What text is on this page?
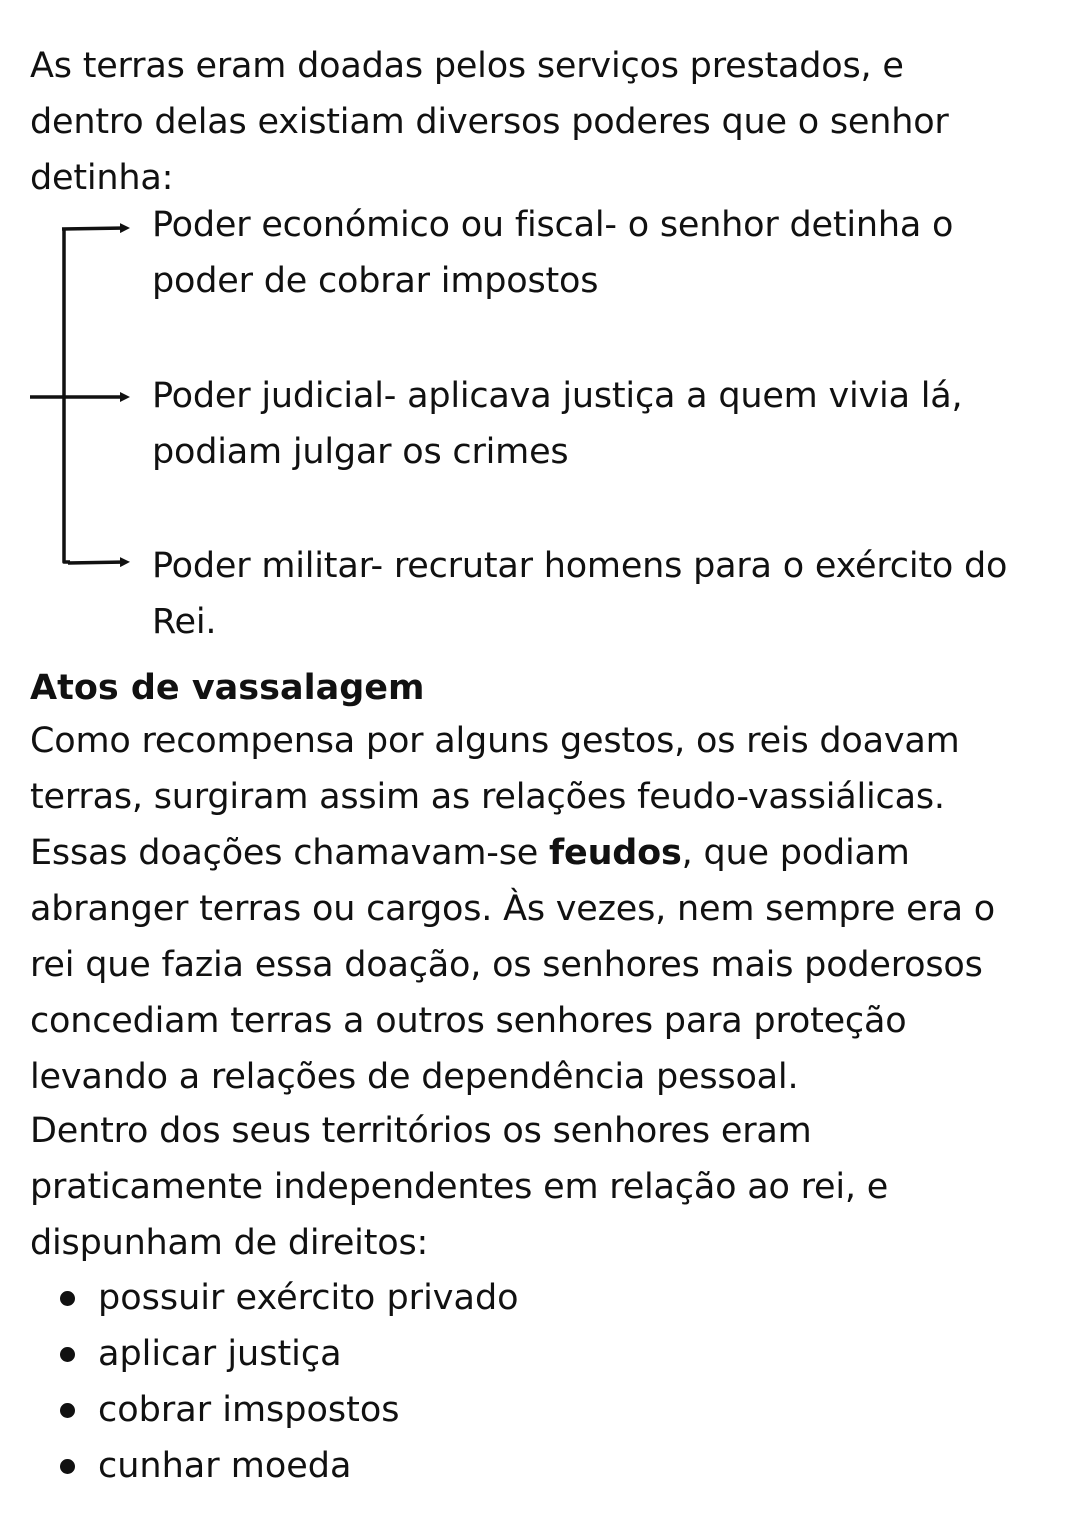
As terras eram doadas pelos serviços prestados, e
dentro delas existiam diversos poderes que o senhor
detinha:
Poder económico ou fiscal- o senhor detinha o
poder de cobrar impostos
Poder judicial- aplicava justiça a quem vivia lá,
podiam julgar os crimes
Poder militar- recrutar homens para o exército do
Rei.
Atos de vassalagem
Como recompensa por alguns gestos, os reis doavam
terras, surgiram assim as relações feudo-vassiálicas.
Essas doações chamavam-se feudos, que podiam
abranger terras ou cargos. Às vezes, nem sempre era o
rei que fazia essa doação, os senhores mais poderosos
concediam terras a outros senhores para proteção
levando a relações de dependência pessoal.
Dentro dos seus territórios os senhores eram
praticamente independentes em relação ao rei, e
dispunham de direitos:
possuir exército privado
aplicar justiça
cobrar imspostos
cunhar moeda
